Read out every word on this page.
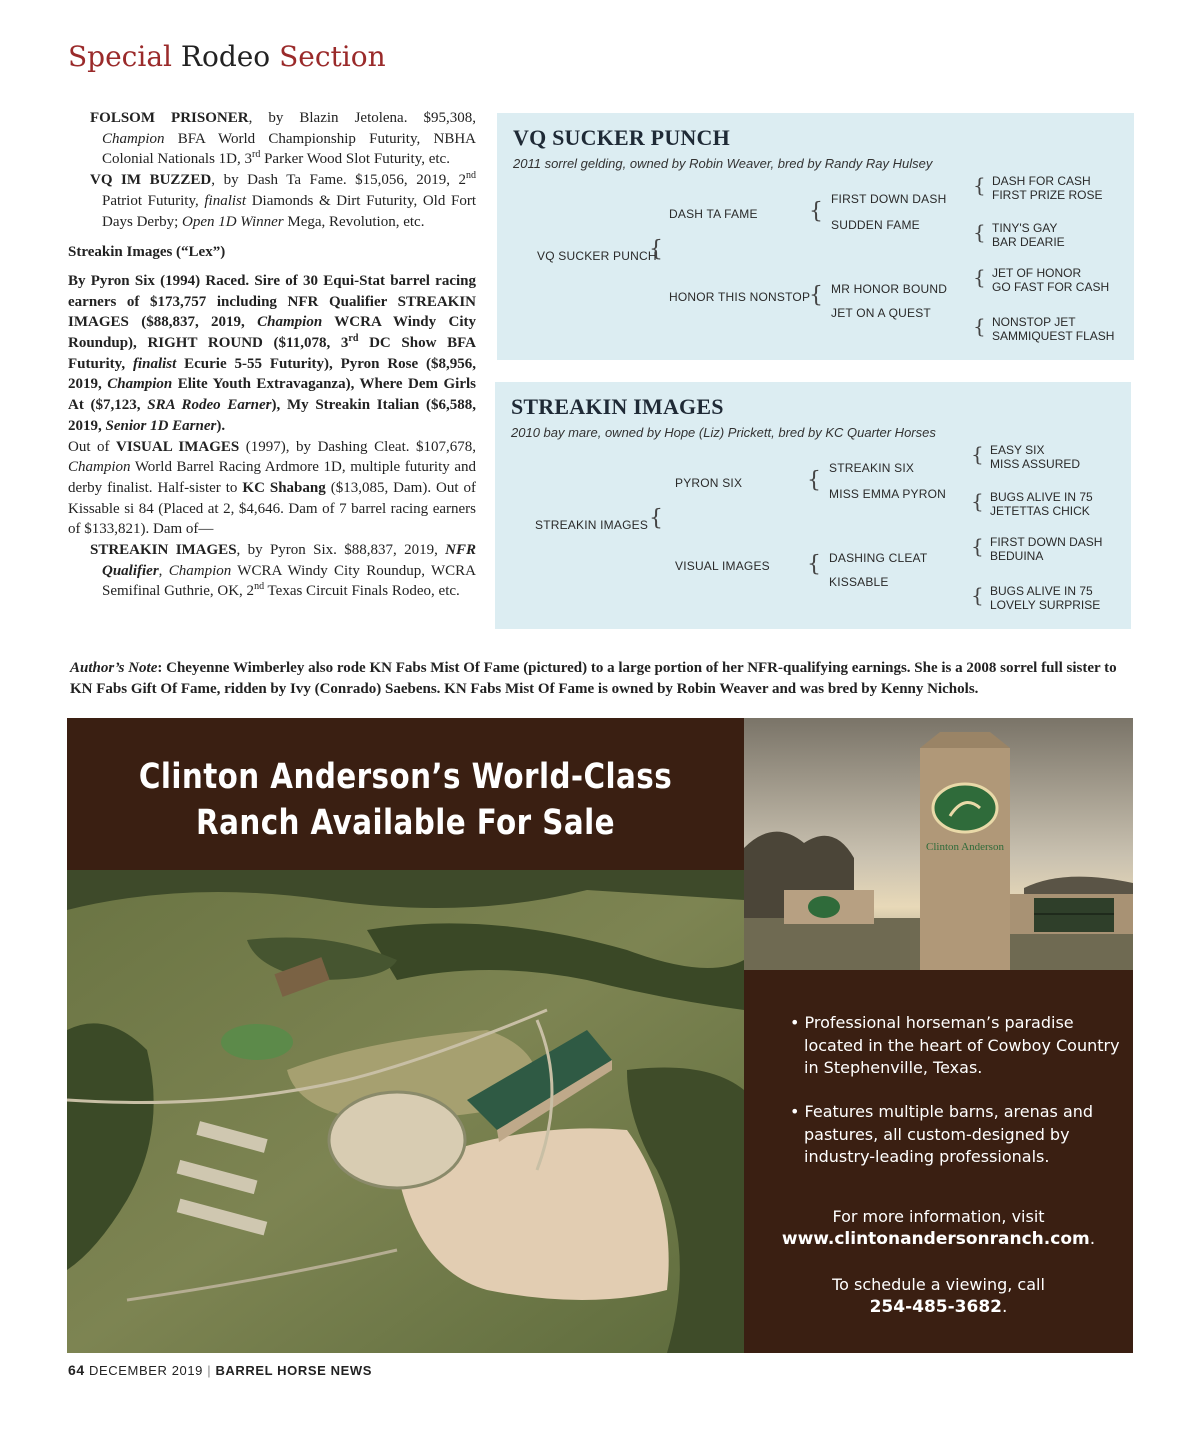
Special Rodeo Section

FOLSOM PRISONER, by Blazin Jetolena. $95,308, Champion BFA World Championship Futurity, NBHA Colonial Nationals 1D, 3rd Parker Wood Slot Futurity, etc.

VQ IM BUZZED, by Dash Ta Fame. $15,056, 2019, 2nd Patriot Futurity, finalist Diamonds & Dirt Futurity, Old Fort Days Derby; Open 1D Winner Mega, Revolution, etc.

Streakin Images (“Lex”)

By Pyron Six (1994) Raced. Sire of 30 Equi-Stat barrel racing earners of $173,757 including NFR Qualifier STREAKIN IMAGES ($88,837, 2019, Champion WCRA Windy City Roundup), RIGHT ROUND ($11,078, 3rd DC Show BFA Futurity, finalist Ecurie 5-55 Futurity), Pyron Rose ($8,956, 2019, Champion Elite Youth Extravaganza), Where Dem Girls At ($7,123, SRA Rodeo Earner), My Streakin Italian ($6,588, 2019, Senior 1D Earner).

Out of VISUAL IMAGES (1997), by Dashing Cleat. $107,678, Champion World Barrel Racing Ardmore 1D, multiple futurity and derby finalist. Half-sister to KC Shabang ($13,085, Dam). Out of Kissable si 84 (Placed at 2, $4,646. Dam of 7 barrel racing earners of $133,821). Dam of—

STREAKIN IMAGES, by Pyron Six. $88,837, 2019, NFR Qualifier, Champion WCRA Windy City Roundup, WCRA Semifinal Guthrie, OK, 2nd Texas Circuit Finals Rodeo, etc.

VQ SUCKER PUNCH
2011 sorrel gelding, owned by Robin Weaver, bred by Randy Ray Hulsey
VQ SUCKER PUNCH
{
DASH TA FAME
HONOR THIS NONSTOP
{
{
FIRST DOWN DASH
SUDDEN FAME
MR HONOR BOUND
JET ON A QUEST
{ DASH FOR CASH
FIRST PRIZE ROSE
{ TINY'S GAY
BAR DEARIE
{ JET OF HONOR
GO FAST FOR CASH
{ NONSTOP JET
SAMMIQUEST FLASH
STREAKIN IMAGES
2010 bay mare, owned by Hope (Liz) Prickett, bred by KC Quarter Horses
STREAKIN IMAGES {
PYRON SIX
VISUAL IMAGES
{
{
STREAKIN SIX
MISS EMMA PYRON
DASHING CLEAT
KISSABLE
{ EASY SIX
MISS ASSURED
{ BUGS ALIVE IN 75
JETETTAS CHICK
{ FIRST DOWN DASH
BEDUINA
{ BUGS ALIVE IN 75
LOVELY SURPRISE
Author’s Note: Cheyenne Wimberley also rode KN Fabs Mist Of Fame (pictured) to a large portion of her NFR-qualifying earnings. She is a 2008 sorrel full sister to KN Fabs Gift Of Fame, ridden by Ivy (Conrado) Saebens. KN Fabs Mist Of Fame is owned by Robin Weaver and was bred by Kenny Nichols.
Clinton Anderson’s World-Class
Ranch Available For Sale
Clinton Anderson
• Professional horseman’s paradise located in the heart of Cowboy Country in Stephenville, Texas.
• Features multiple barns, arenas and pastures, all custom-designed by industry-leading professionals.
For more information, visit
www.clintonandersonranch.com.
To schedule a viewing, call
254-485-3682.
64 DECEMBER 2019 | BARREL HORSE NEWS
